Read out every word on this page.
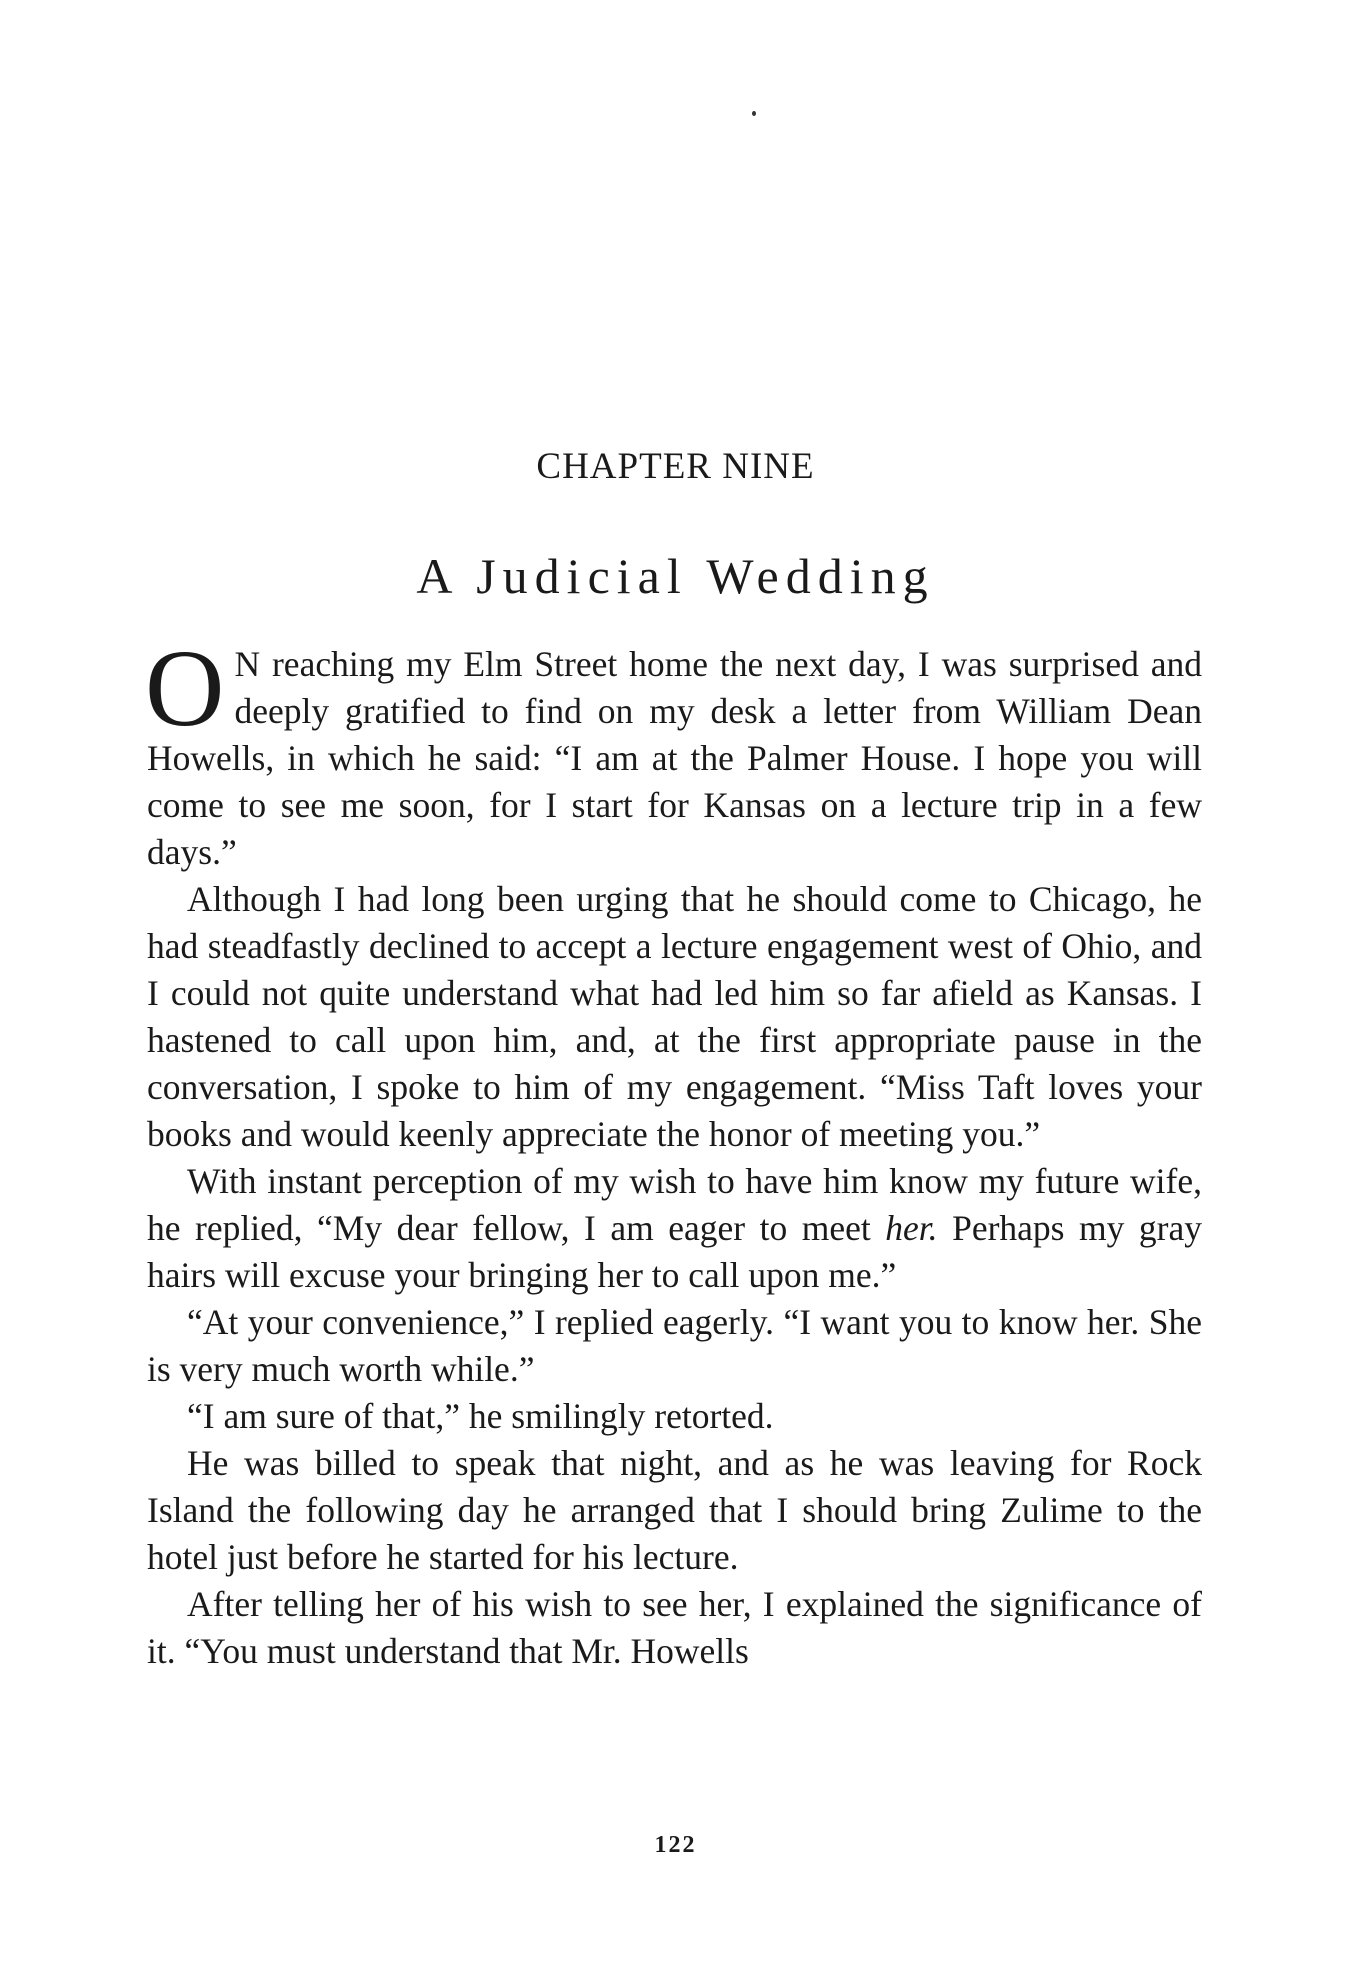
CHAPTER NINE
A Judicial Wedding

O N reaching my Elm Street home the next day, I was surprised and deeply gratified to find on my desk a letter from William Dean Howells, in which he said: “I am at the Palmer House. I hope you will come to see me soon, for I start for Kansas on a lecture trip in a few days.”

Although I had long been urging that he should come to Chicago, he had steadfastly declined to accept a lecture engagement west of Ohio, and I could not quite understand what had led him so far afield as Kansas. I hastened to call upon him, and, at the first appropriate pause in the conversation, I spoke to him of my engagement. “Miss Taft loves your books and would keenly appreciate the honor of meeting you.”

With instant perception of my wish to have him know my future wife, he replied, “My dear fellow, I am eager to meet her. Perhaps my gray hairs will excuse your bringing her to call upon me.”

“At your convenience,” I replied eagerly. “I want you to know her. She is very much worth while.”

“I am sure of that,” he smilingly retorted.

He was billed to speak that night, and as he was leaving for Rock Island the following day he arranged that I should bring Zulime to the hotel just before he started for his lecture.

After telling her of his wish to see her, I explained the significance of it. “You must understand that Mr. Howells

122
